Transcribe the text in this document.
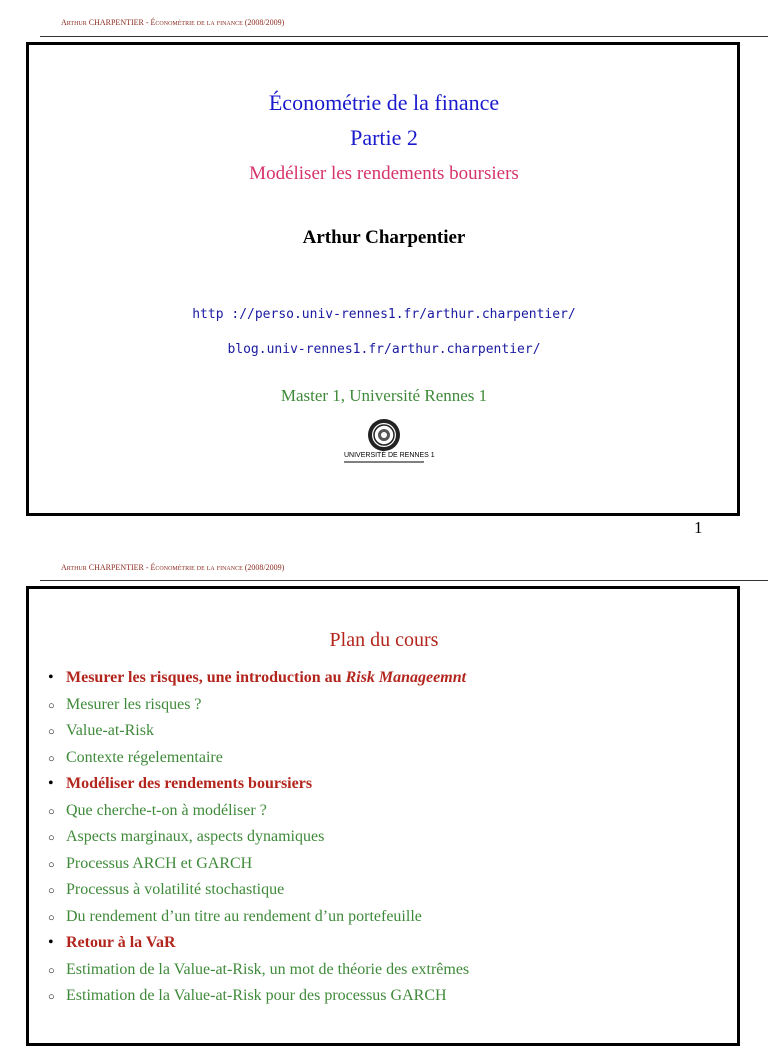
Arthur CHARPENTIER - Économétrie de la finance (2008/2009)
Économétrie de la finance
Partie 2
Modéliser les rendements boursiers
Arthur Charpentier
http ://perso.univ-rennes1.fr/arthur.charpentier/
blog.univ-rennes1.fr/arthur.charpentier/
Master 1, Université Rennes 1
UNIVERSITÉ DE RENNES 1
1
Arthur CHARPENTIER - Économétrie de la finance (2008/2009)
Plan du cours
• Mesurer les risques, une introduction au Risk Manageemnt
○ Mesurer les risques ?
○ Value-at-Risk
○ Contexte régelementaire
• Modéliser des rendements boursiers
○ Que cherche-t-on à modéliser ?
○ Aspects marginaux, aspects dynamiques
○ Processus ARCH et GARCH
○ Processus à volatilité stochastique
○ Du rendement d’un titre au rendement d’un portefeuille
• Retour à la VaR
○ Estimation de la Value-at-Risk, un mot de théorie des extrêmes
○ Estimation de la Value-at-Risk pour des processus GARCH
